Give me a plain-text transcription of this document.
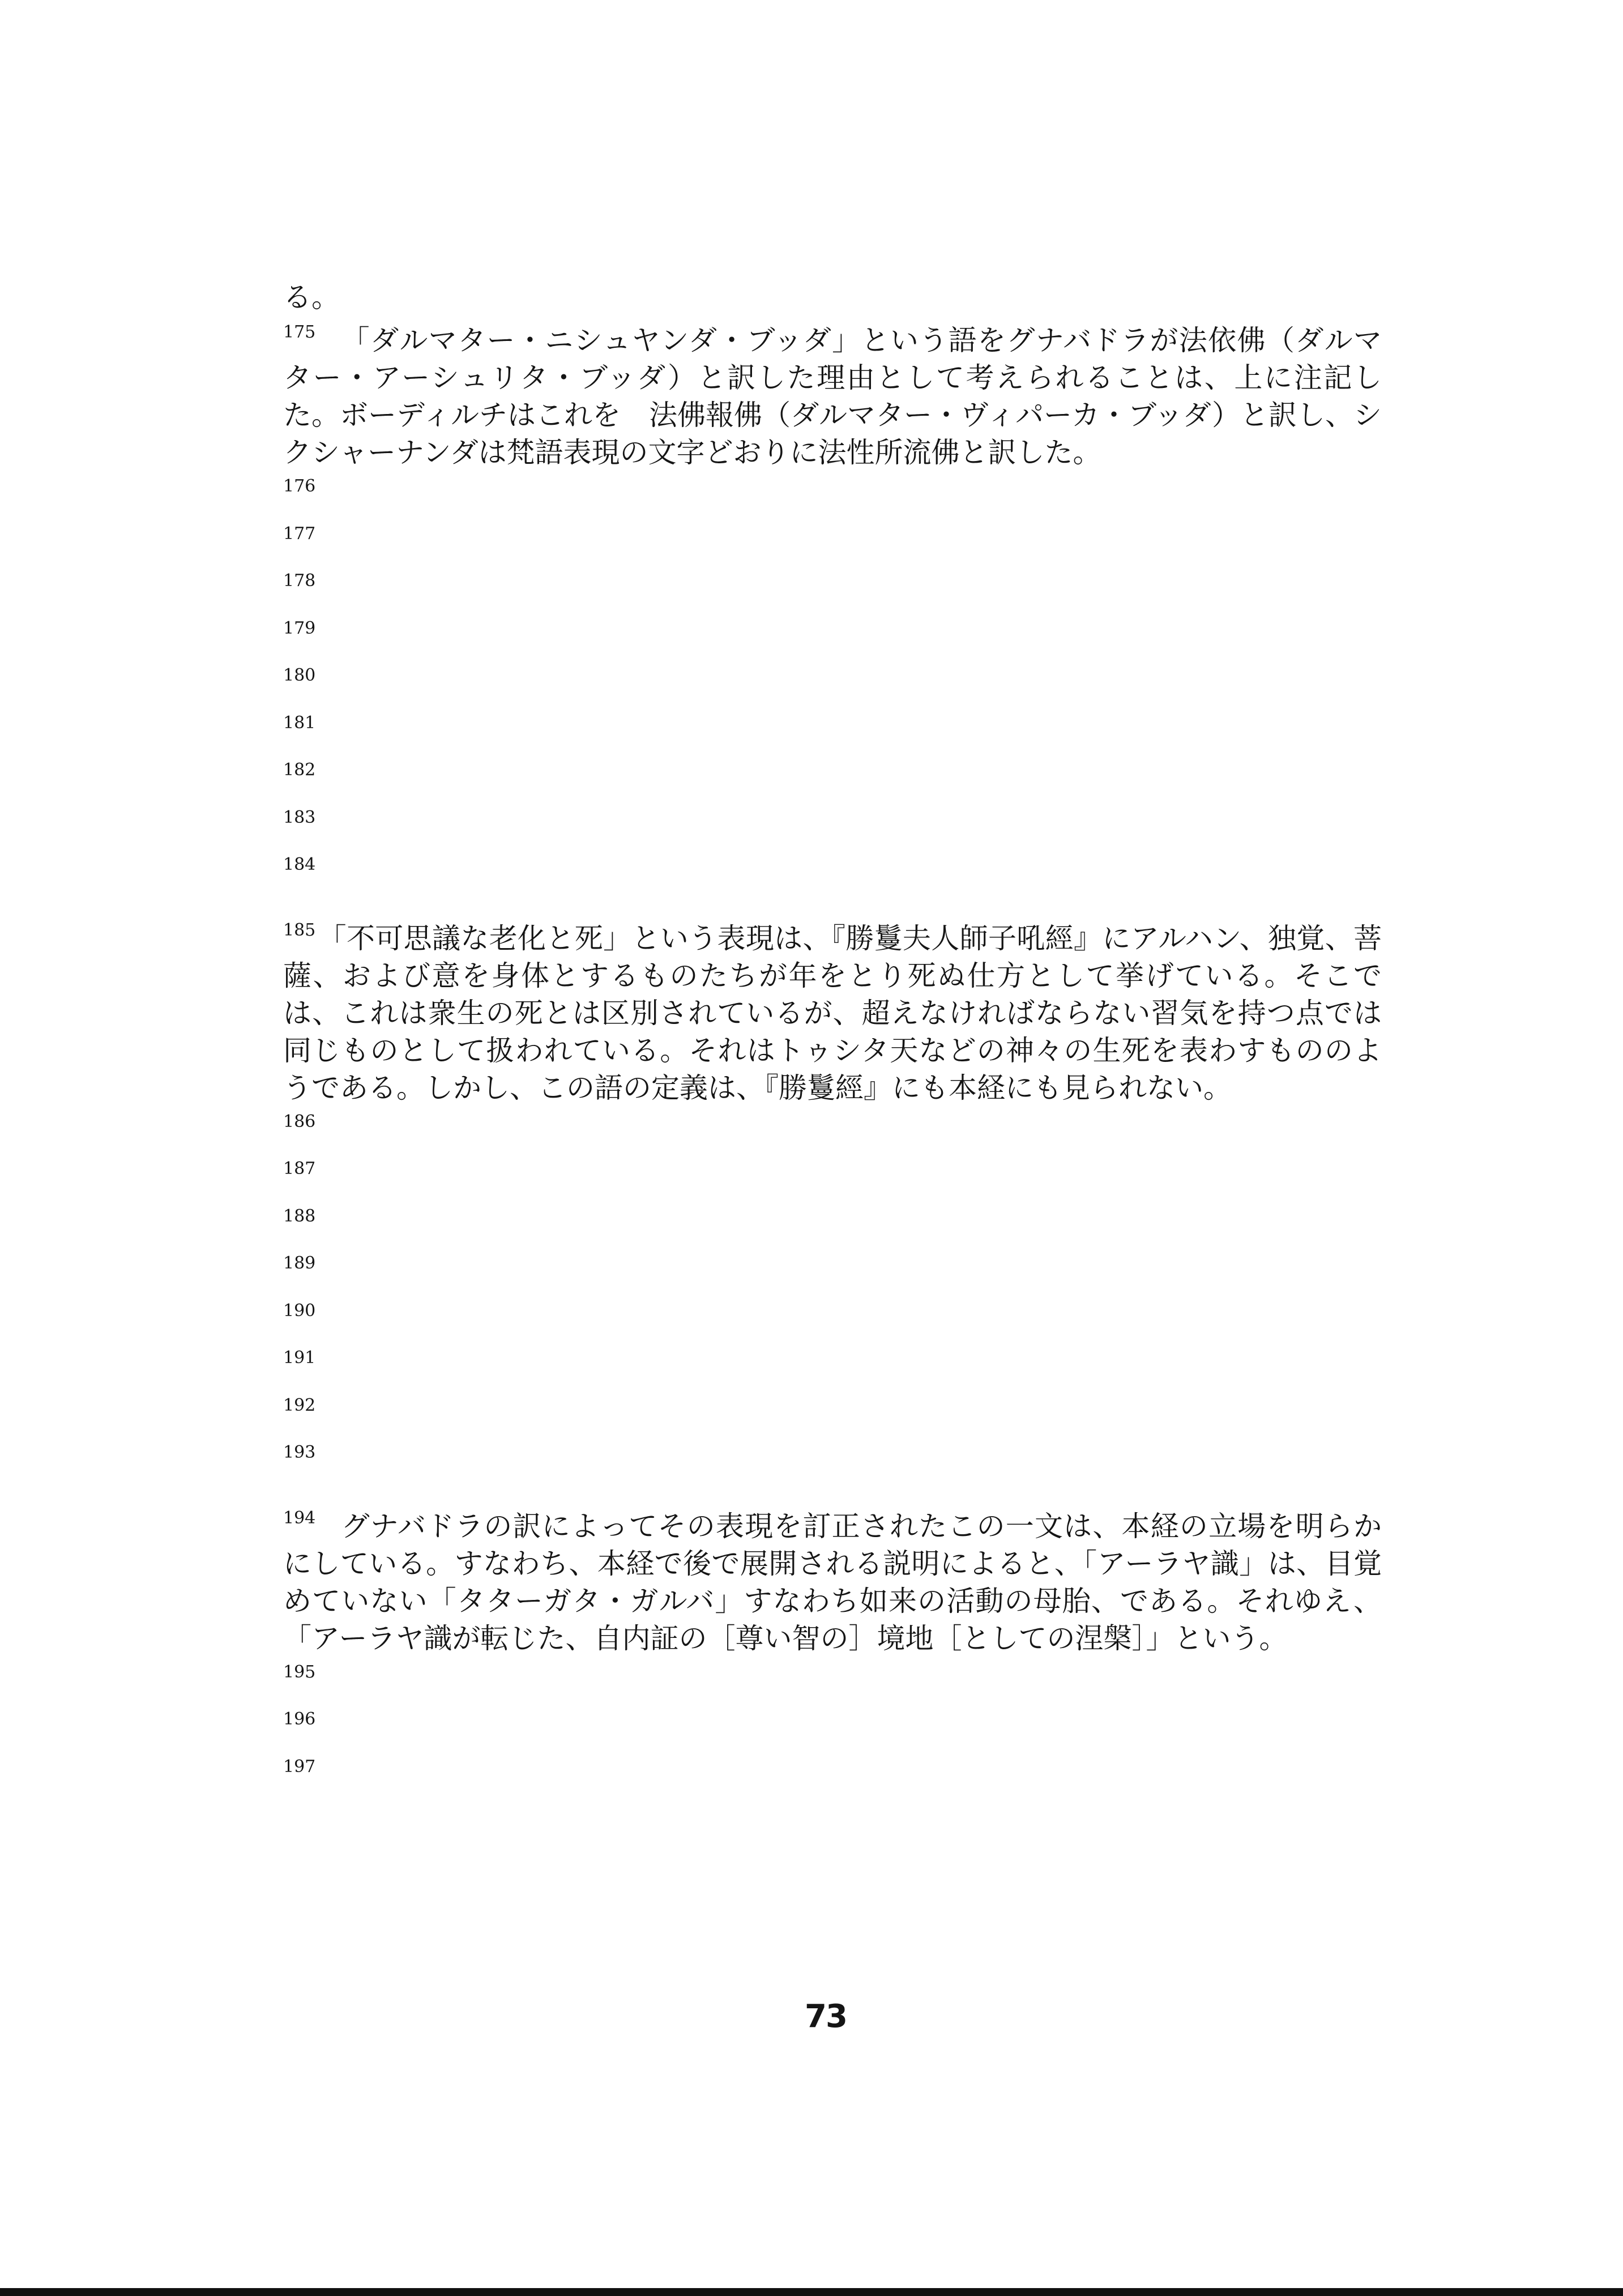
る。

$^{175}$ 「ダルマター・ニシュヤンダ・ブッダ」という語をグナバドラが法依佛（ダルマター・アーシュリタ・ブッダ）と訳した理由として考えられることは、上に注記した。ボーディルチはこれを　法佛報佛（ダルマター・ヴィパーカ・ブッダ）と訳し、シクシャーナンダは梵語表現の文字どおりに法性所流佛と訳した。

176
177
178
179
180
181
182
183
184

$^{185}$「不可思議な老化と死」という表現は、『勝鬘夫人師子吼經』にアルハン、独覚、菩薩、および意を身体とするものたちが年をとり死ぬ仕方として挙げている。そこでは、これは衆生の死とは区別されているが、超えなければならない習気を持つ点では同じものとして扱われている。それはトゥシタ天などの神々の生死を表わすもののようである。しかし、この語の定義は、『勝鬘經』にも本経にも見られない。

186
187
188
189
190
191
192
193

$^{194}$ グナバドラの訳によってその表現を訂正されたこの一文は、本経の立場を明らかにしている。すなわち、本経で後で展開される説明によると、「アーラヤ識」は、目覚めていない「タターガタ・ガルバ」すなわち如来の活動の母胎、である。それゆえ、「アーラヤ識が転じた、自内証の［尊い智の］境地［としての涅槃］」という。

195
196
197
73
